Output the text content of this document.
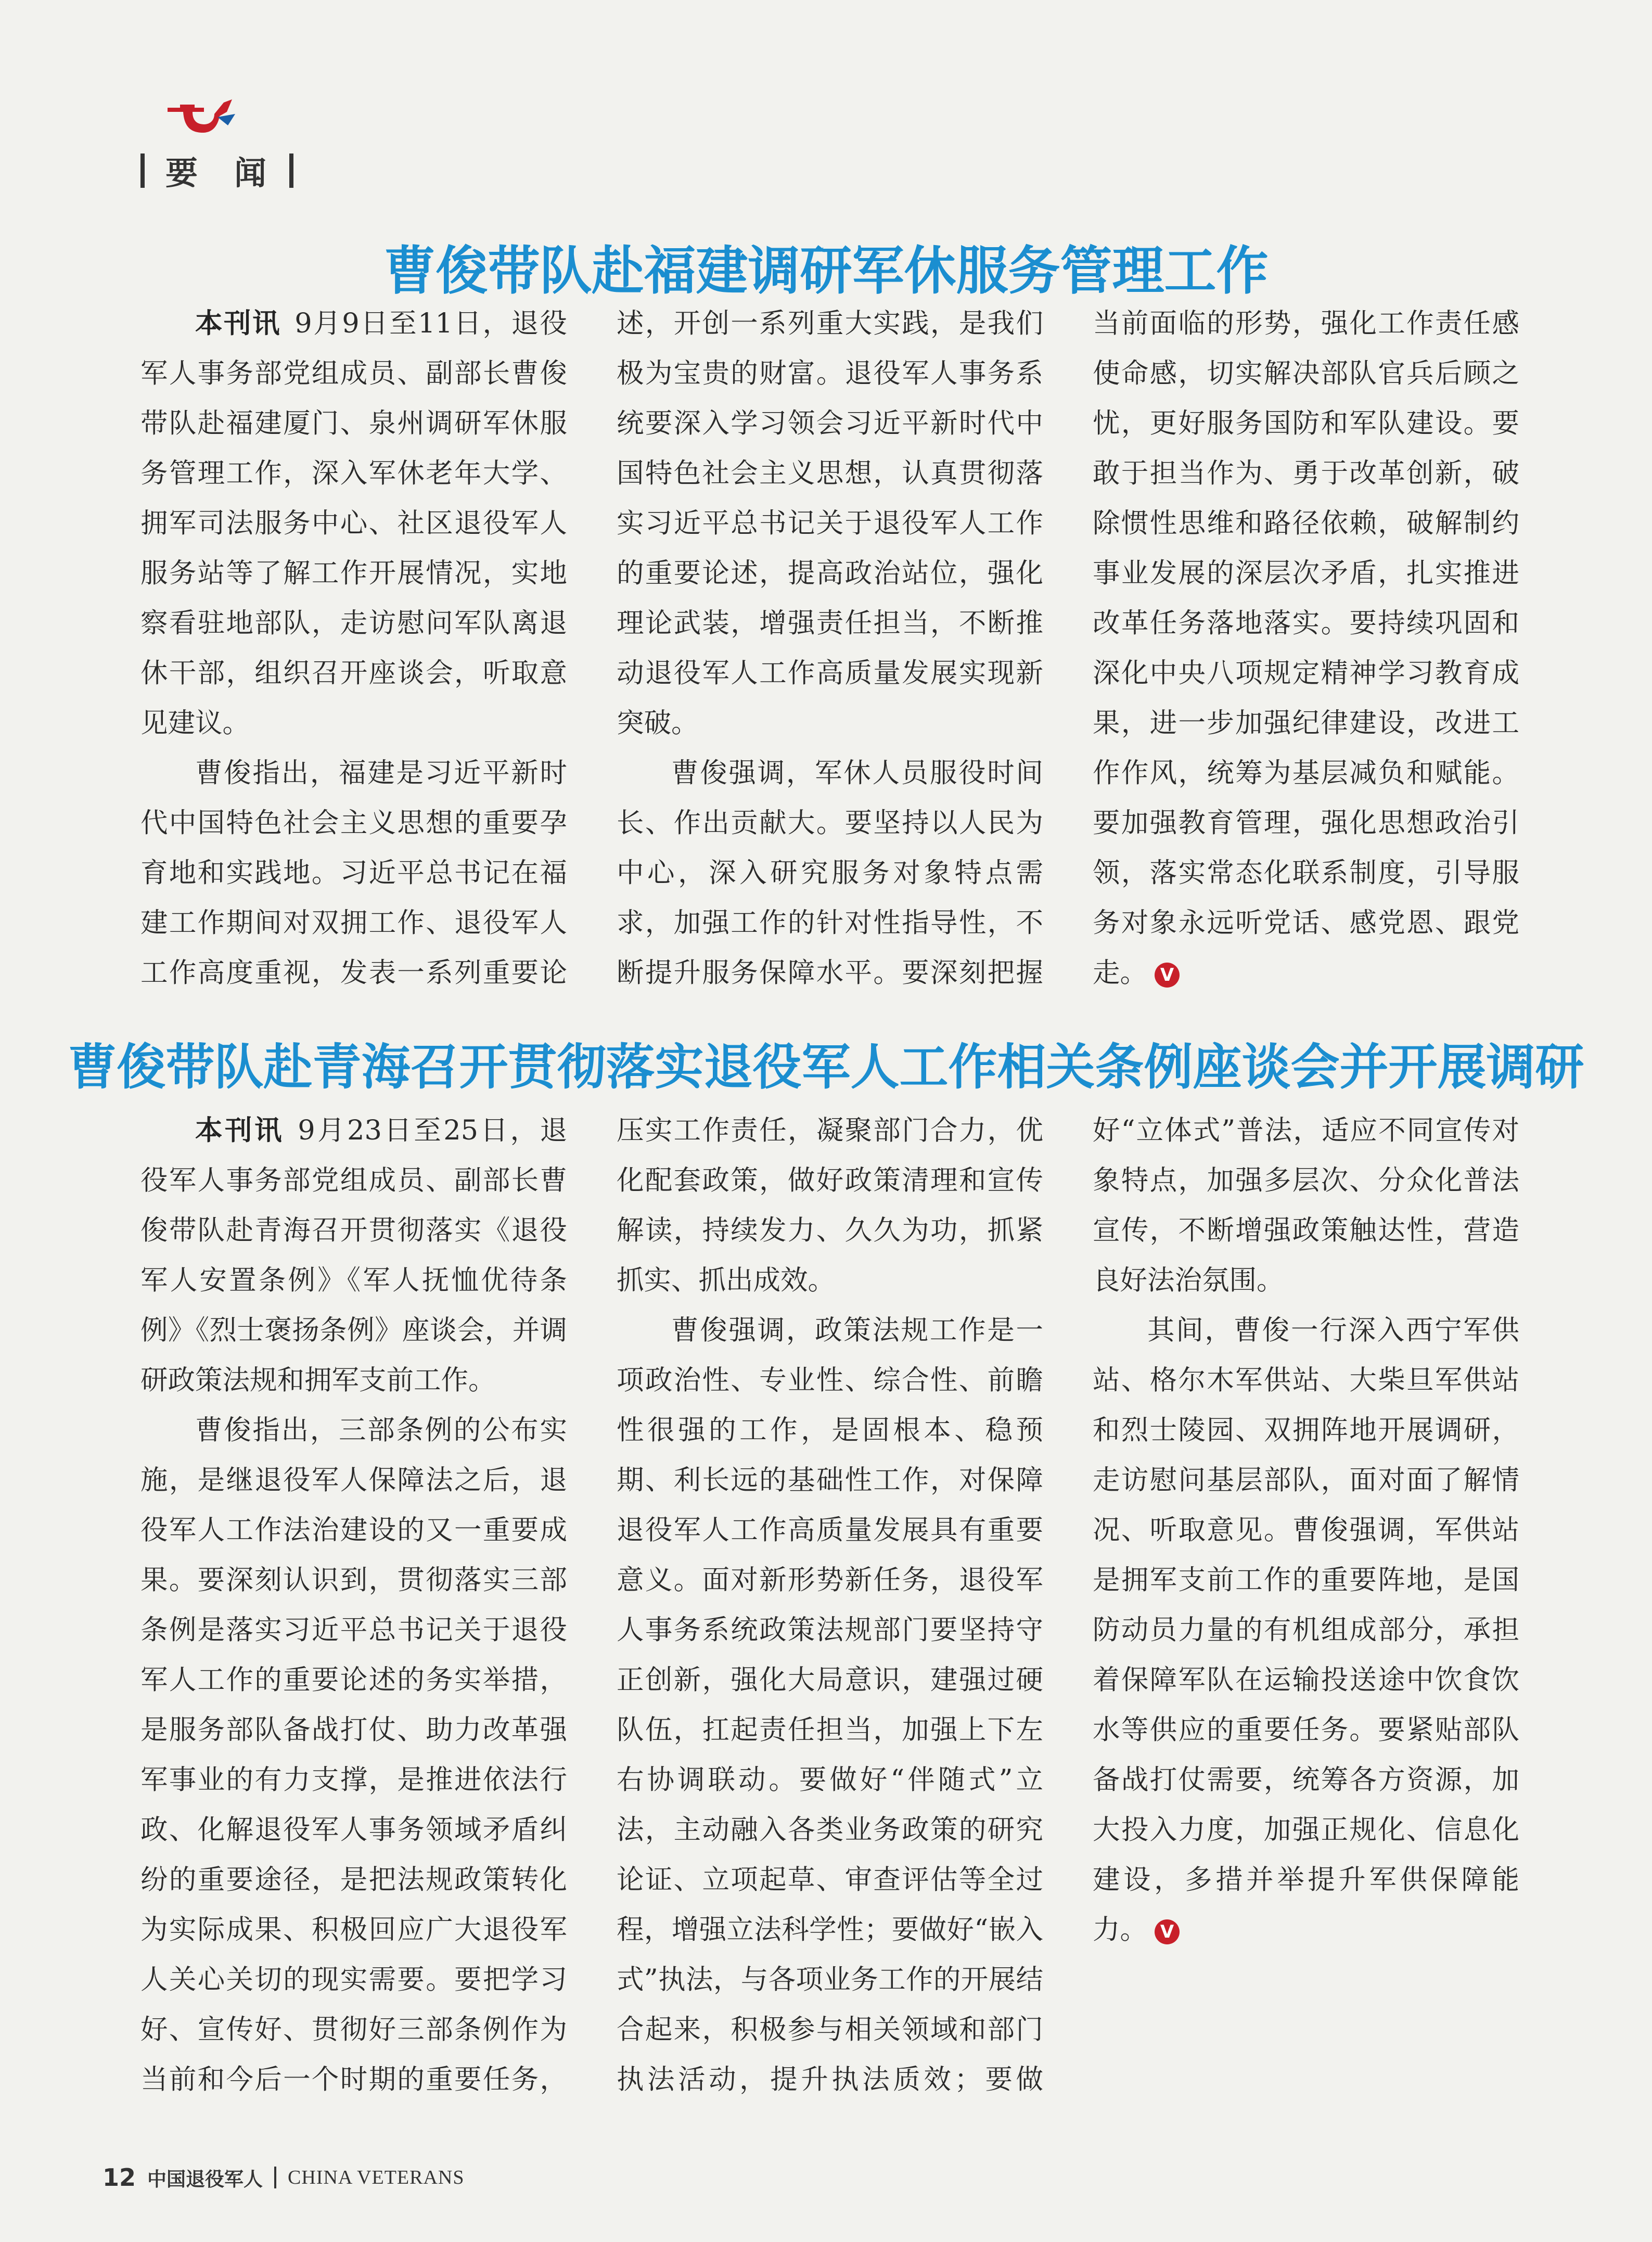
要　闻
曹俊带队赴福建调研军休服务管理工作

本刊讯  9月9日至11日，退役军人事务部党组成员、副部长曹俊带队赴福建厦门、泉州调研军休服务管理工作，深入军休老年大学、拥军司法服务中心、社区退役军人服务站等了解工作开展情况，实地察看驻地部队，走访慰问军队离退休干部，组织召开座谈会，听取意见建议。

曹俊指出，福建是习近平新时代中国特色社会主义思想的重要孕育地和实践地。习近平总书记在福建工作期间对双拥工作、退役军人工作高度重视，发表一系列重要论述，开创一系列重大实践，是我们极为宝贵的财富。退役军人事务系统要深入学习领会习近平新时代中国特色社会主义思想，认真贯彻落实习近平总书记关于退役军人工作的重要论述，提高政治站位，强化理论武装，增强责任担当，不断推动退役军人工作高质量发展实现新突破。

曹俊强调，军休人员服役时间长、作出贡献大。要坚持以人民为中心，深入研究服务对象特点需求，加强工作的针对性指导性，不断提升服务保障水平。要深刻把握当前面临的形势，强化工作责任感使命感，切实解决部队官兵后顾之忧，更好服务国防和军队建设。要敢于担当作为、勇于改革创新，破除惯性思维和路径依赖，破解制约事业发展的深层次矛盾，扎实推进改革任务落地落实。要持续巩固和深化中央八项规定精神学习教育成果，进一步加强纪律建设，改进工作作风，统筹为基层减负和赋能。要加强教育管理，强化思想政治引领，落实常态化联系制度，引导服务对象永远听党话、感党恩、跟党走。 V

曹俊带队赴青海召开贯彻落实退役军人工作相关条例座谈会并开展调研

本刊讯  9月23日至25日，退役军人事务部党组成员、副部长曹俊带队赴青海召开贯彻落实《退役军人安置条例》《军人抚恤优待条例》《烈士褒扬条例》座谈会，并调研政策法规和拥军支前工作。

曹俊指出，三部条例的公布实施，是继退役军人保障法之后，退役军人工作法治建设的又一重要成果。要深刻认识到，贯彻落实三部条例是落实习近平总书记关于退役军人工作的重要论述的务实举措，是服务部队备战打仗、助力改革强军事业的有力支撑，是推进依法行政、化解退役军人事务领域矛盾纠纷的重要途径，是把法规政策转化为实际成果、积极回应广大退役军人关心关切的现实需要。要把学习好、宣传好、贯彻好三部条例作为当前和今后一个时期的重要任务，压实工作责任，凝聚部门合力，优化配套政策，做好政策清理和宣传解读，持续发力、久久为功，抓紧抓实、抓出成效。

曹俊强调，政策法规工作是一项政治性、专业性、综合性、前瞻性很强的工作，是固根本、稳预期、利长远的基础性工作，对保障退役军人工作高质量发展具有重要意义。面对新形势新任务，退役军人事务系统政策法规部门要坚持守正创新，强化大局意识，建强过硬队伍，扛起责任担当，加强上下左右协调联动。要做好“伴随式”立法，主动融入各类业务政策的研究论证、立项起草、审查评估等全过程，增强立法科学性；要做好“嵌入式”执法，与各项业务工作的开展结合起来，积极参与相关领域和部门执法活动，提升执法质效；要做好“立体式”普法，适应不同宣传对象特点，加强多层次、分众化普法宣传，不断增强政策触达性，营造良好法治氛围。

其间，曹俊一行深入西宁军供站、格尔木军供站、大柴旦军供站和烈士陵园、双拥阵地开展调研，走访慰问基层部队，面对面了解情况、听取意见。曹俊强调，军供站是拥军支前工作的重要阵地，是国防动员力量的有机组成部分，承担着保障军队在运输投送途中饮食饮水等供应的重要任务。要紧贴部队备战打仗需要，统筹各方资源，加大投入力度，加强正规化、信息化建设，多措并举提升军供保障能力。 V

12 中国退役军人 CHINA VETERANS
